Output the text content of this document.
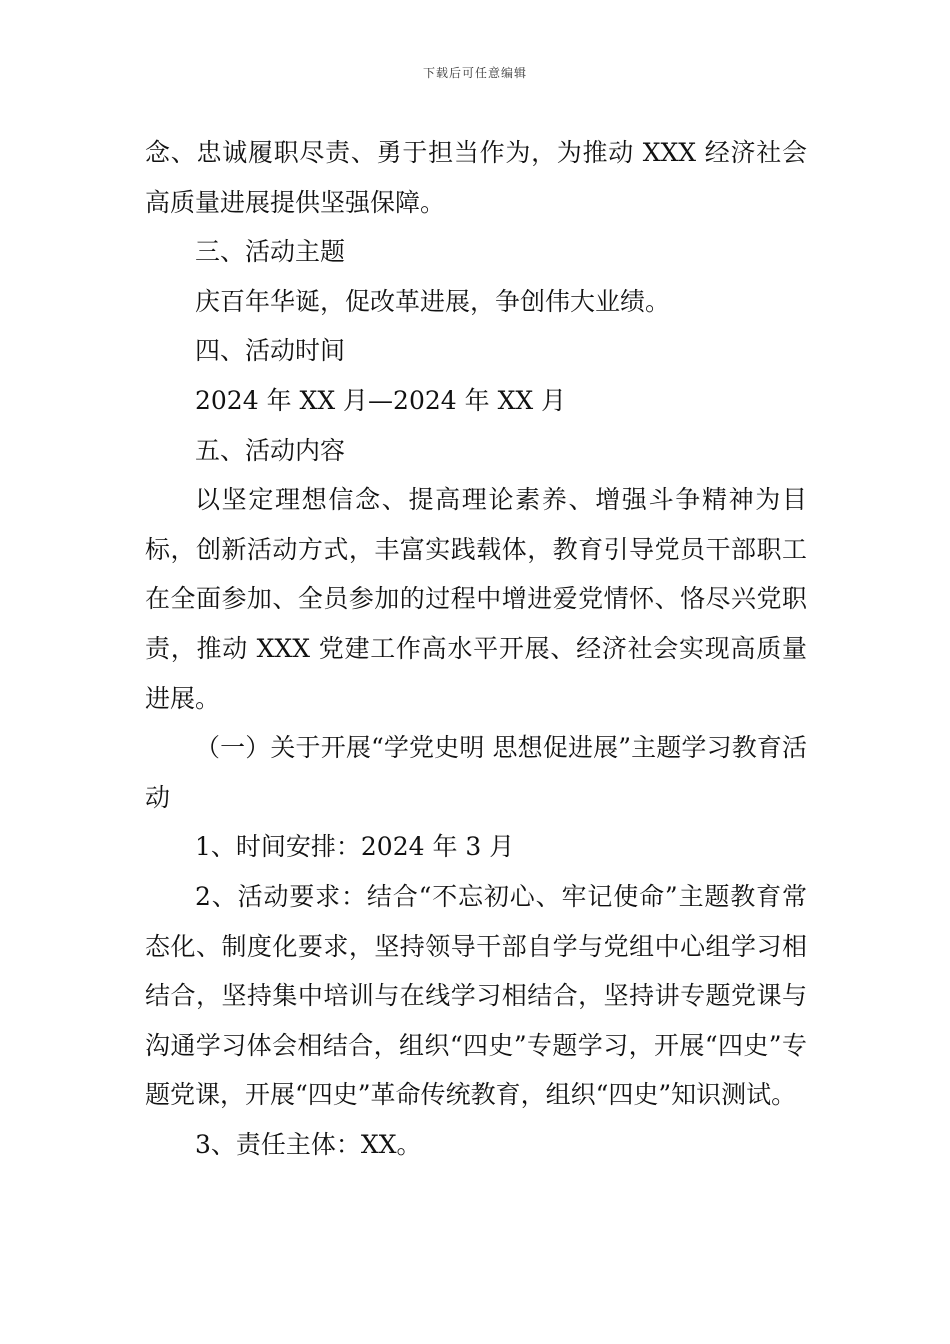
下载后可任意编辑

念、忠诚履职尽责、勇于担当作为，为推动 XXX 经济社会高质量进展提供坚强保障。

三、活动主题

庆百年华诞，促改革进展，争创伟大业绩。

四、活动时间

2024 年 XX 月—2024 年 XX 月

五、活动内容

以坚定理想信念、提高理论素养、增强斗争精神为目标，创新活动方式，丰富实践载体，教育引导党员干部职工在全面参加、全员参加的过程中增进爱党情怀、恪尽兴党职责，推动 XXX 党建工作高水平开展、经济社会实现高质量进展。

（一）关于开展“学党史明 思想促进展”主题学习教育活动

1、时间安排：2024 年 3 月

2、活动要求：结合“不忘初心、牢记使命”主题教育常态化、制度化要求，坚持领导干部自学与党组中心组学习相结合，坚持集中培训与在线学习相结合，坚持讲专题党课与沟通学习体会相结合，组织“四史”专题学习，开展“四史”专题党课，开展“四史”革命传统教育，组织“四史”知识测试。

3、责任主体：XX。
